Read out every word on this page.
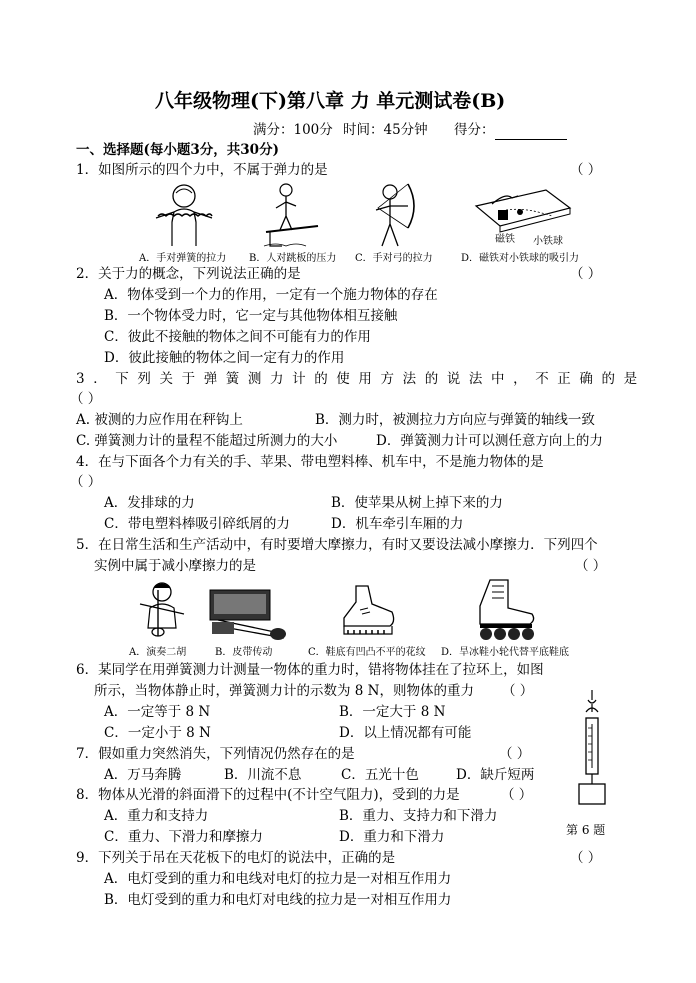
八年级物理(下)第八章 力 单元测试卷(B)
满分：100分 时间：45分钟 得分：
一、选择题(每小题3分，共30分)
1．如图所示的四个力中，不属于弹力的是	（ ）
磁铁 小铁球
A．手对弹簧的拉力 B．人对跳板的压力 C．手对弓的拉力	D．磁铁对小铁球的吸引力
2．关于力的概念，下列说法正确的是	（ ）
A．物体受到一个力的作用，一定有一个施力物体的存在
B．一个物体受力时，它一定与其他物体相互接触
C．彼此不接触的物体之间不可能有力的作用
D．彼此接触的物体之间一定有力的作用
3．下列关于弹簧测力计的使用方法的说法中，不正确的是
（ ）
A. 被测的力应作用在秤钩上	B．测力时，被测拉力方向应与弹簧的轴线一致
C. 弹簧测力计的量程不能超过所测力的大小	D．弹簧测力计可以测任意方向上的力
4．在与下面各个力有关的手、苹果、带电塑料棒、机车中，不是施力物体的是
（ ）
A．发排球的力	B．使苹果从树上掉下来的力
C．带电塑料棒吸引碎纸屑的力	D．机车牵引车厢的力
5．在日常生活和生产活动中，有时要增大摩擦力，有时又要设法减小摩擦力．下列四个
实例中属于减小摩擦力的是	（ ）
A．演奏二胡	B．皮带传动	C．鞋底有凹凸不平的花纹 D．旱冰鞋小轮代替平底鞋底
6．某同学在用弹簧测力计测量一物体的重力时，错将物体挂在了拉环上，如图
所示，当物体静止时，弹簧测力计的示数为 8 N，则物体的重力 （ ）
A．一定等于 8 N	B．一定大于 8 N
C．一定小于 8 N	D．以上情况都有可能
第 6 题
7．假如重力突然消失，下列情况仍然存在的是	（ ）
A．万马奔腾	B．川流不息	C．五光十色	D．缺斤短两
8．物体从光滑的斜面滑下的过程中(不计空气阻力)，受到的力是	（ ）
A．重力和支持力	B．重力、支持力和下滑力
C．重力、下滑力和摩擦力	D．重力和下滑力
9．下列关于吊在天花板下的电灯的说法中，正确的是	（ ）
A．电灯受到的重力和电线对电灯的拉力是一对相互作用力
B．电灯受到的重力和电灯对电线的拉力是一对相互作用力
